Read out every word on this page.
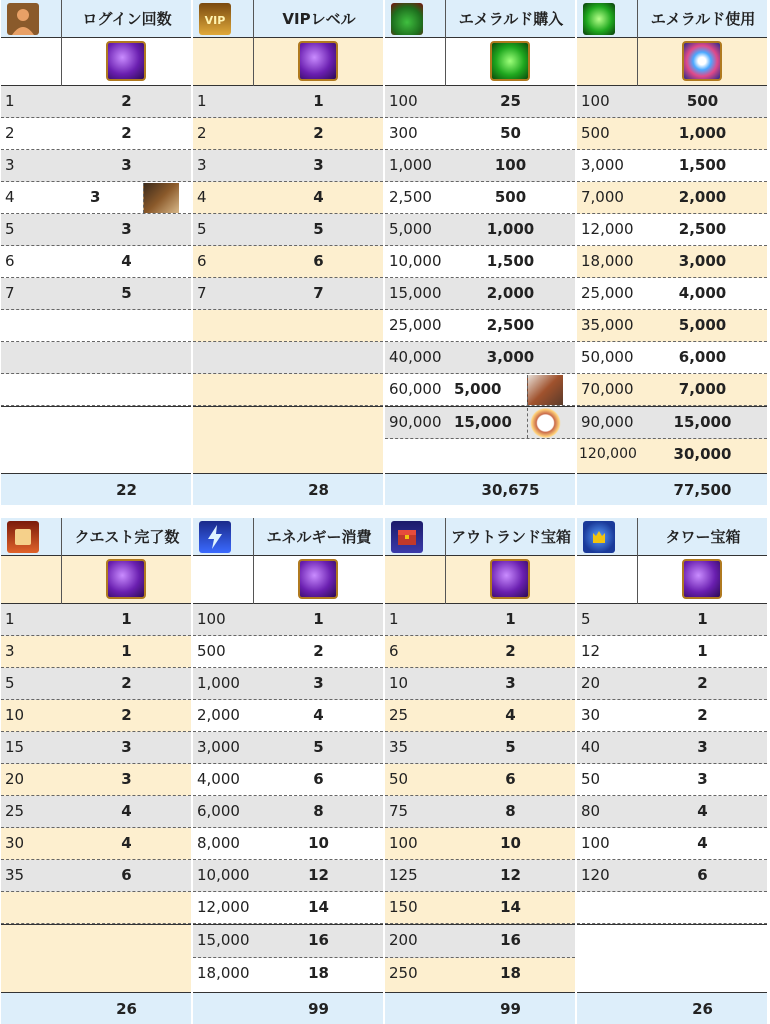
ログイン回数
1	2
2	2
3	3
4	3
5	3
6	4
7	5
22
VIP	VIPレベル
1	1
2	2
3	3
4	4
5	5
6	6
7	7
28
エメラルド購入
100	25
300	50
1,000	100
2,500	500
5,000	1,000
10,000	1,500
15,000	2,000
25,000	2,500
40,000	3,000
60,000 5,000
90,000 15,000
30,675
エメラルド使用
100	500
500	1,000
3,000	1,500
7,000	2,000
12,000	2,500
18,000	3,000
25,000	4,000
35,000	5,000
50,000	6,000
70,000	7,000
90,000	15,000
120,000	30,000
77,500
クエスト完了数
1	1
3	1
5	2
10	2
15	3
20	3
25	4
30	4
35	6
26
エネルギー消費
100	1
500	2
1,000	3
2,000	4
3,000	5
4,000	6
6,000	8
8,000	10
10,000	12
12,000	14
15,000	16
18,000	18
99
アウトランド宝箱
1	1
6	2
10	3
25	4
35	5
50	6
75	8
100	10
125	12
150	14
200	16
250	18
99
タワー宝箱
5	1
12	1
20	2
30	2
40	3
50	3
80	4
100	4
120	6
26
